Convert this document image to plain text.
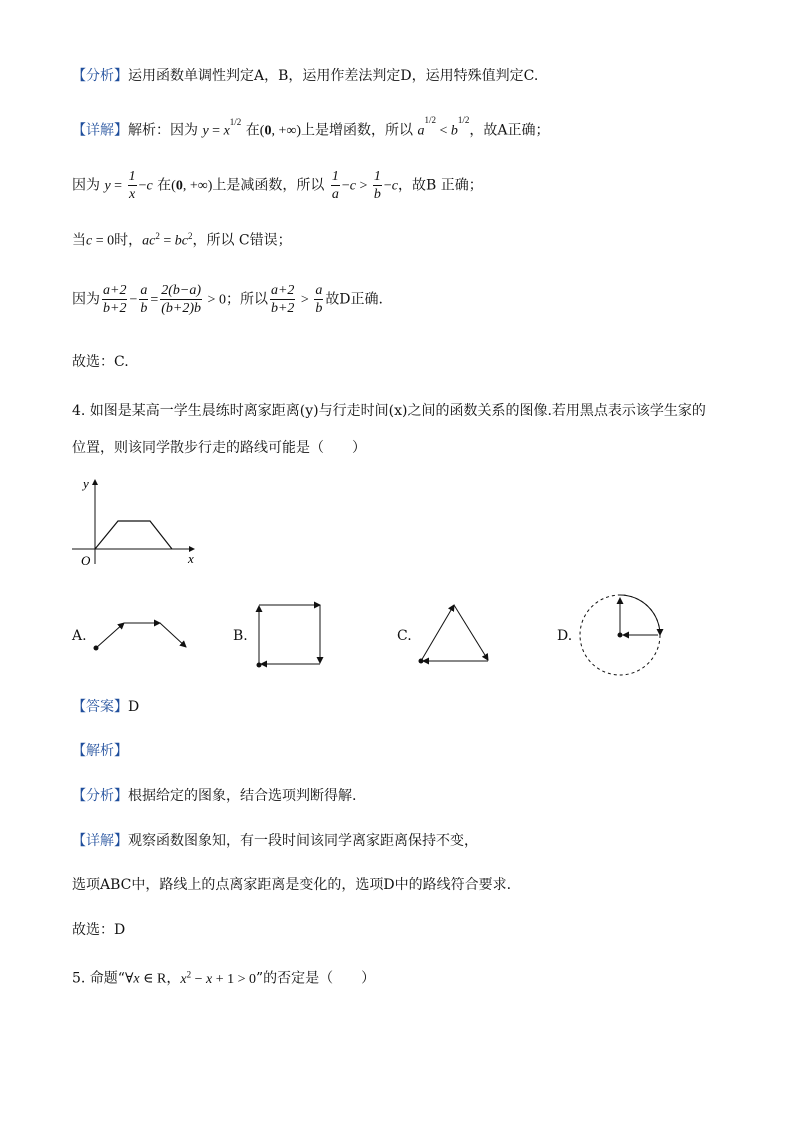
【分析】运用函数单调性判定A，B，运用作差法判定D，运用特殊值判定C.
【详解】解析：因为 $y = x^{1/2}$ 在(0, +∞)上是增函数，所以 $a^{1/2} < b^{1/2}$，故A正确；
因为 $y = \frac{1}{x} -c$ 在(0, +∞)上是减函数，所以 $\frac{1}{a} -c > \frac{1}{b} -c$，故B 正确；
当c = 0时，$ac^2 = bc^2$，所以 C错误；
因为 $\frac{a+2}{b+2} - \frac{a}{b} = \frac{2(b-a)}{(b+2)b} > 0$；所以 $\frac{a+2}{b+2} > \frac{a}{b}$ 故D正确.
故选：C.
4. 如图是某高一学生晨练时离家距离(y)与行走时间(x)之间的函数关系的图像.若用黑点表示该学生家的
位置，则该同学散步行走的路线可能是（　　）
y
x
O
A.	B.	C.	D.
【答案】D
【解析】
【分析】根据给定的图象，结合选项判断得解.
【详解】观察函数图象知，有一段时间该同学离家距离保持不变，
选项ABC中，路线上的点离家距离是变化的，选项D中的路线符合要求.
故选：D
5. 命题“∀x ∈ R，$x^2 - x + 1 > 0$”的否定是（　　）
